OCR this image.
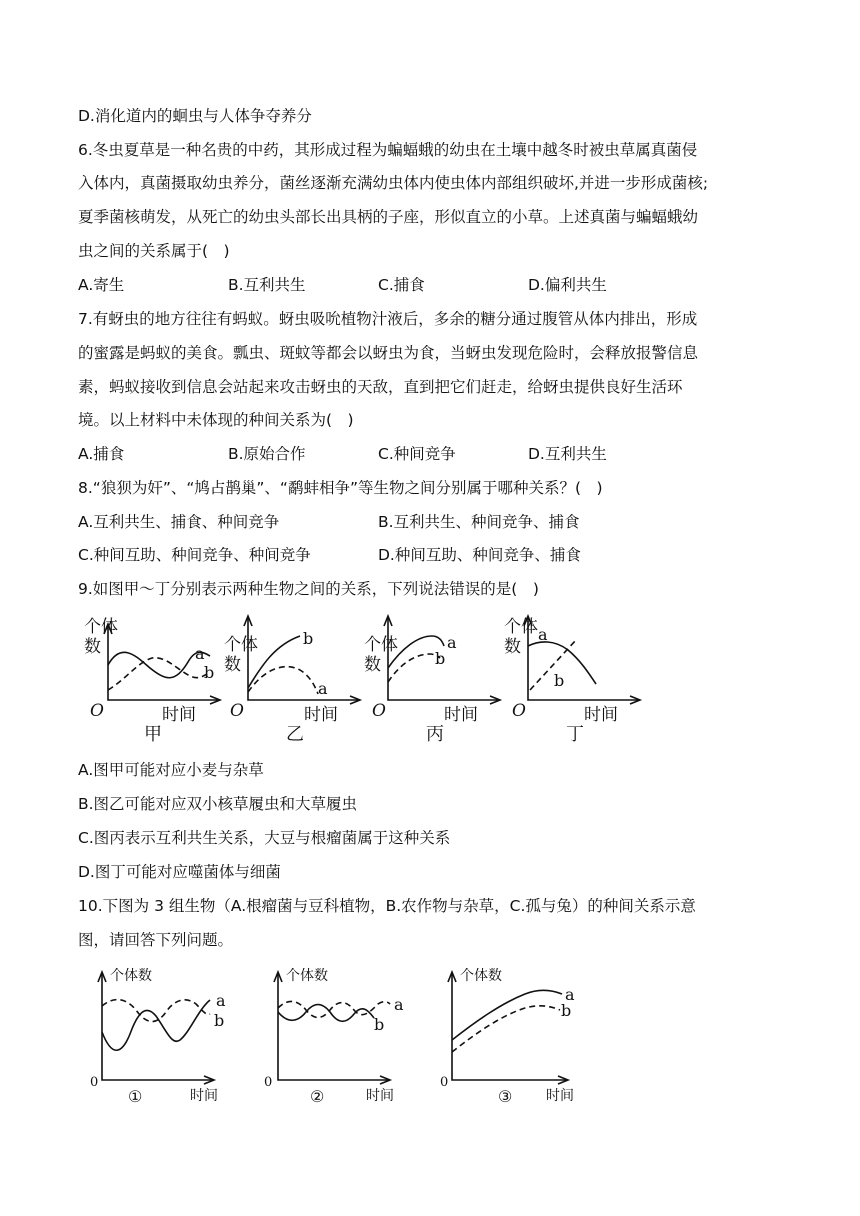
D.消化道内的蛔虫与人体争夺养分
6.冬虫夏草是一种名贵的中药，其形成过程为蝙蝠蛾的幼虫在土壤中越冬时被虫草属真菌侵
入体内，真菌摄取幼虫养分，菌丝逐渐充满幼虫体内使虫体内部组织破坏,并进一步形成菌核;
夏季菌核萌发，从死亡的幼虫头部长出具柄的子座，形似直立的小草。上述真菌与蝙蝠蛾幼
虫之间的关系属于(　)
A.寄生	B.互利共生	C.捕食	D.偏利共生
7.有蚜虫的地方往往有蚂蚁。蚜虫吸吮植物汁液后，多余的糖分通过腹管从体内排出，形成
的蜜露是蚂蚁的美食。瓢虫、斑蚊等都会以蚜虫为食，当蚜虫发现危险时，会释放报警信息
素，蚂蚁接收到信息会站起来攻击蚜虫的天敌，直到把它们赶走，给蚜虫提供良好生活环
境。以上材料中未体现的种间关系为(　)
A.捕食	B.原始合作	C.种间竞争	D.互利共生
8.“狼狈为奸”、“鸠占鹊巢”、“鹬蚌相争”等生物之间分别属于哪种关系？(　)
A.互利共生、捕食、种间竞争	B.互利共生、种间竞争、捕食
C.种间互助、种间竞争、种间竞争	D.种间互助、种间竞争、捕食
9.如图甲～丁分别表示两种生物之间的关系，下列说法错误的是(　)
个体
数	a
b
O	时间
甲
个体
数
b
a
O	时间
乙
个体
数
a
b
O	时间
丙
个体
数
a
b
O	时间
丁
A.图甲可能对应小麦与杂草
B.图乙可能对应双小核草履虫和大草履虫
C.图丙表示互利共生关系，大豆与根瘤菌属于这种关系
D.图丁可能对应噬菌体与细菌
10.下图为 3 组生物（A.根瘤菌与豆科植物，B.农作物与杂草，C.孤与兔）的种间关系示意
图，请回答下列问题。
个体数
a
b
0
①	时间
个体数
a
b
0
②	时间
个体数
a
b
0
③ 时间
